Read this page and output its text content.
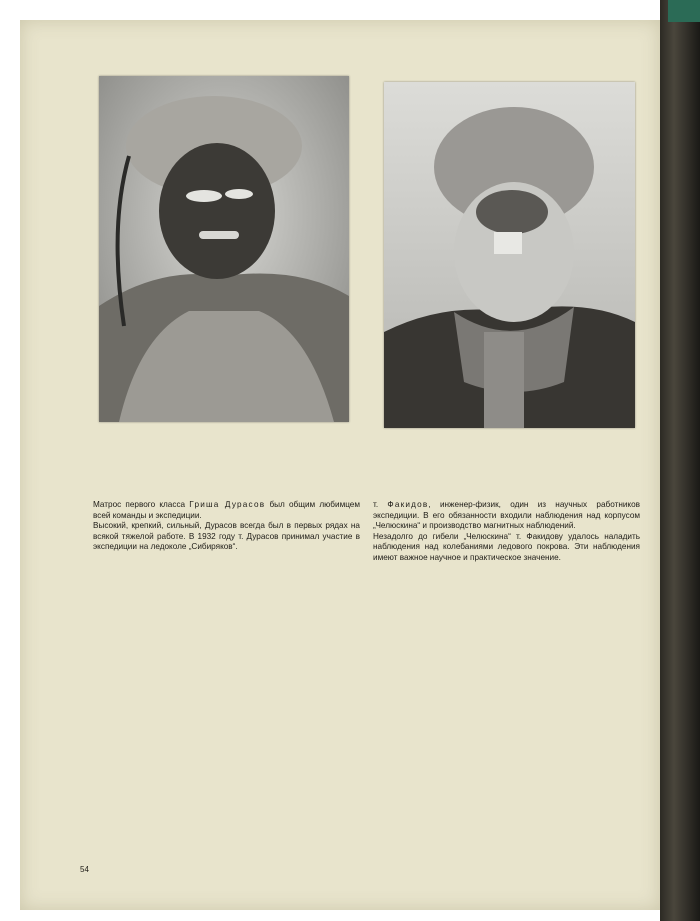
Матрос первого класса Гриша Дурасов был общим любимцем всей команды и экспедиции.

Высокий, крепкий, сильный, Дурасов всегда был в первых рядах на всякой тяжелой работе. В 1932 году т. Дурасов принимал участие в экспедиции на ледоколе „Сибиряков“.

т. Факидов, инженер-физик, один из научных работников экспедиции. В его обязанности входили наблюдения над корпусом „Челюскина“ и производство магнитных наблюдений.

Незадолго до гибели „Челюскина“ т. Факидову удалось наладить наблюдения над колебаниями ледового покрова. Эти наблюдения имеют важное научное и практическое значение.

54
